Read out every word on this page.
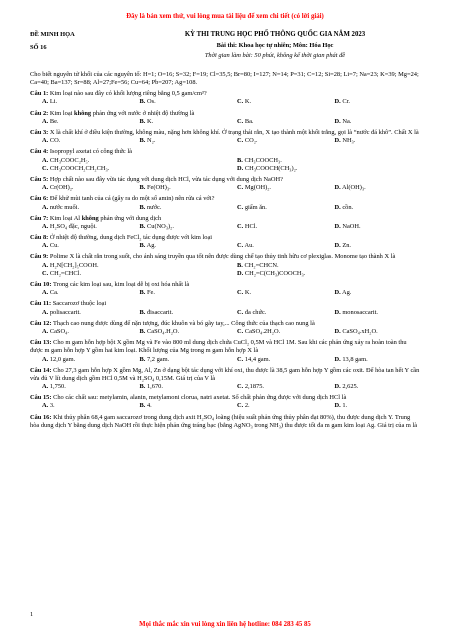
Đây là bản xem thử, vui lòng mua tài liệu để xem chi tiết (có lời giải)
ĐỀ MINH HỌA
SỐ 16
KỲ THI TRUNG HỌC PHỔ THÔNG QUỐC GIA NĂM 2023
Bài thi: Khoa học tự nhiên; Môn: Hóa Học
Thời gian làm bài: 50 phút, không kể thời gian phát đề
Cho biết nguyên tử khối của các nguyên tố: H=1; O=16; S=32; F=19; Cl=35,5; Br=80; I=127; N=14; P=31; C=12; Si=28; Li=7; Na=23; K=39; Mg=24; Ca=40; Ba=137; Sr=88; Al=27;Fe=56; Cu=64; Pb=207; Ag=108.
Câu 1: Kim loại nào sau đây có khối lượng riêng bằng 0,5 gam/cm³?
A. Li.	B. Os.	C. K.	D. Cr.
Câu 2: Kim loại không phản ứng với nước ở nhiệt độ thường là
A. Be.	B. K.	C. Ba.	D. Na.
Câu 3: X là chất khí ở điều kiện thường, không màu, nặng hơn không khí. Ở trạng thái rắn, X tạo thành một khối trắng, gọi là “nước đá khô”. Chất X là
A. CO.	B. N₂.	C. CO₂.	D. NH₃.
Câu 4: Isopropyl axetat có công thức là
A. CH₃COOC₂H₅.	B. CH₃COOCH₃.
C. CH₃COOCH₂CH₂CH₃.	D. CH₃COOCH(CH₃)₂.
Câu 5: Hợp chất nào sau đây vừa tác dụng với dung dịch HCl, vừa tác dụng với dung dịch NaOH?
A. Cr(OH)₂.	B. Fe(OH)₃.	C. Mg(OH)₂.	D. Al(OH)₃.
Câu 6: Để khử mùi tanh của cá (gây ra do một số amin) nên rửa cá với?
A. nước muối.	B. nước.	C. giấm ăn.	D. cồn.
Câu 7: Kim loại Al không phản ứng với dung dịch
A. H₂SO₄ đặc, nguội.	B. Cu(NO₃)₂.	C. HCl.	D. NaOH.
Câu 8: Ở nhiệt độ thường, dung dịch FeCl₂ tác dụng được với kim loại
A. Cu.	B. Ag.	C. Au.	D. Zn.
Câu 9: Polime X là chất rắn trong suốt, cho ánh sáng truyền qua tốt nên được dùng chế tạo thủy tinh hữu cơ plexiglas. Monome tạo thành X là
A. H₂N[CH₂]₅COOH.	B. CH₂=CHCN.
C. CH₂=CHCl.	D. CH₂=C(CH₃)COOCH₃.
Câu 10: Trong các kim loại sau, kim loại dễ bị oxi hóa nhất là
A. Ca.	B. Fe.	C. K.	D. Ag.
Câu 11: Saccarozơ thuộc loại
A. polisaccarit.	B. đisaccarit.	C. đa chức.	D. monosaccarit.
Câu 12: Thạch cao nung được dùng để nặn tượng, đúc khuôn và bó gãy tay,... Công thức của thạch cao nung là
A. CaSO₄.	B. CaSO₄.H₂O.	C. CaSO₄.2H₂O.	D. CaSO₄.xH₂O.
Câu 13: Cho m gam hỗn hợp bột X gồm Mg và Fe vào 800 ml dung dịch chứa CuCl₂ 0,5M và HCl 1M. Sau khi các phản ứng xảy ra hoàn toàn thu được m gam hỗn hợp Y gồm hai kim loại. Khối lượng của Mg trong m gam hỗn hợp X là
A. 12,0 gam.	B. 7,2 gam.	C. 14,4 gam.	D. 13,8 gam.
Câu 14: Cho 27,3 gam hỗn hợp X gồm Mg, Al, Zn ở dạng bột tác dụng với khí oxi, thu được là 38,5 gam hỗn hợp Y gồm các oxit. Để hòa tan hết Y cần vừa đủ V lít dung dịch gồm HCl 0,5M và H₂SO₄ 0,15M. Giá trị của V là
A. 1,750.	B. 1,670.	C. 2,1875.	D. 2,625.
Câu 15: Cho các chất sau: metylamin, alanin, metylamoni clorua, natri axetat. Số chất phản ứng được với dung dịch HCl là
A. 3.	B. 4.	C. 2.	D. 1.
Câu 16: Khi thủy phân 68,4 gam saccarozơ trong dung dịch axit H₂SO₄ loãng (hiệu suất phản ứng thủy phân đạt 80%), thu được dung dịch Y. Trung hòa dung dịch Y bằng dung dịch NaOH rồi thực hiện phản ứng tráng bạc (bằng AgNO₃ trong NH₃) thu được tối đa m gam kim loại Ag. Giá trị của m là
1
Mọi thắc mắc xin vui lòng xin liên hệ hotline: 084 283 45 85
